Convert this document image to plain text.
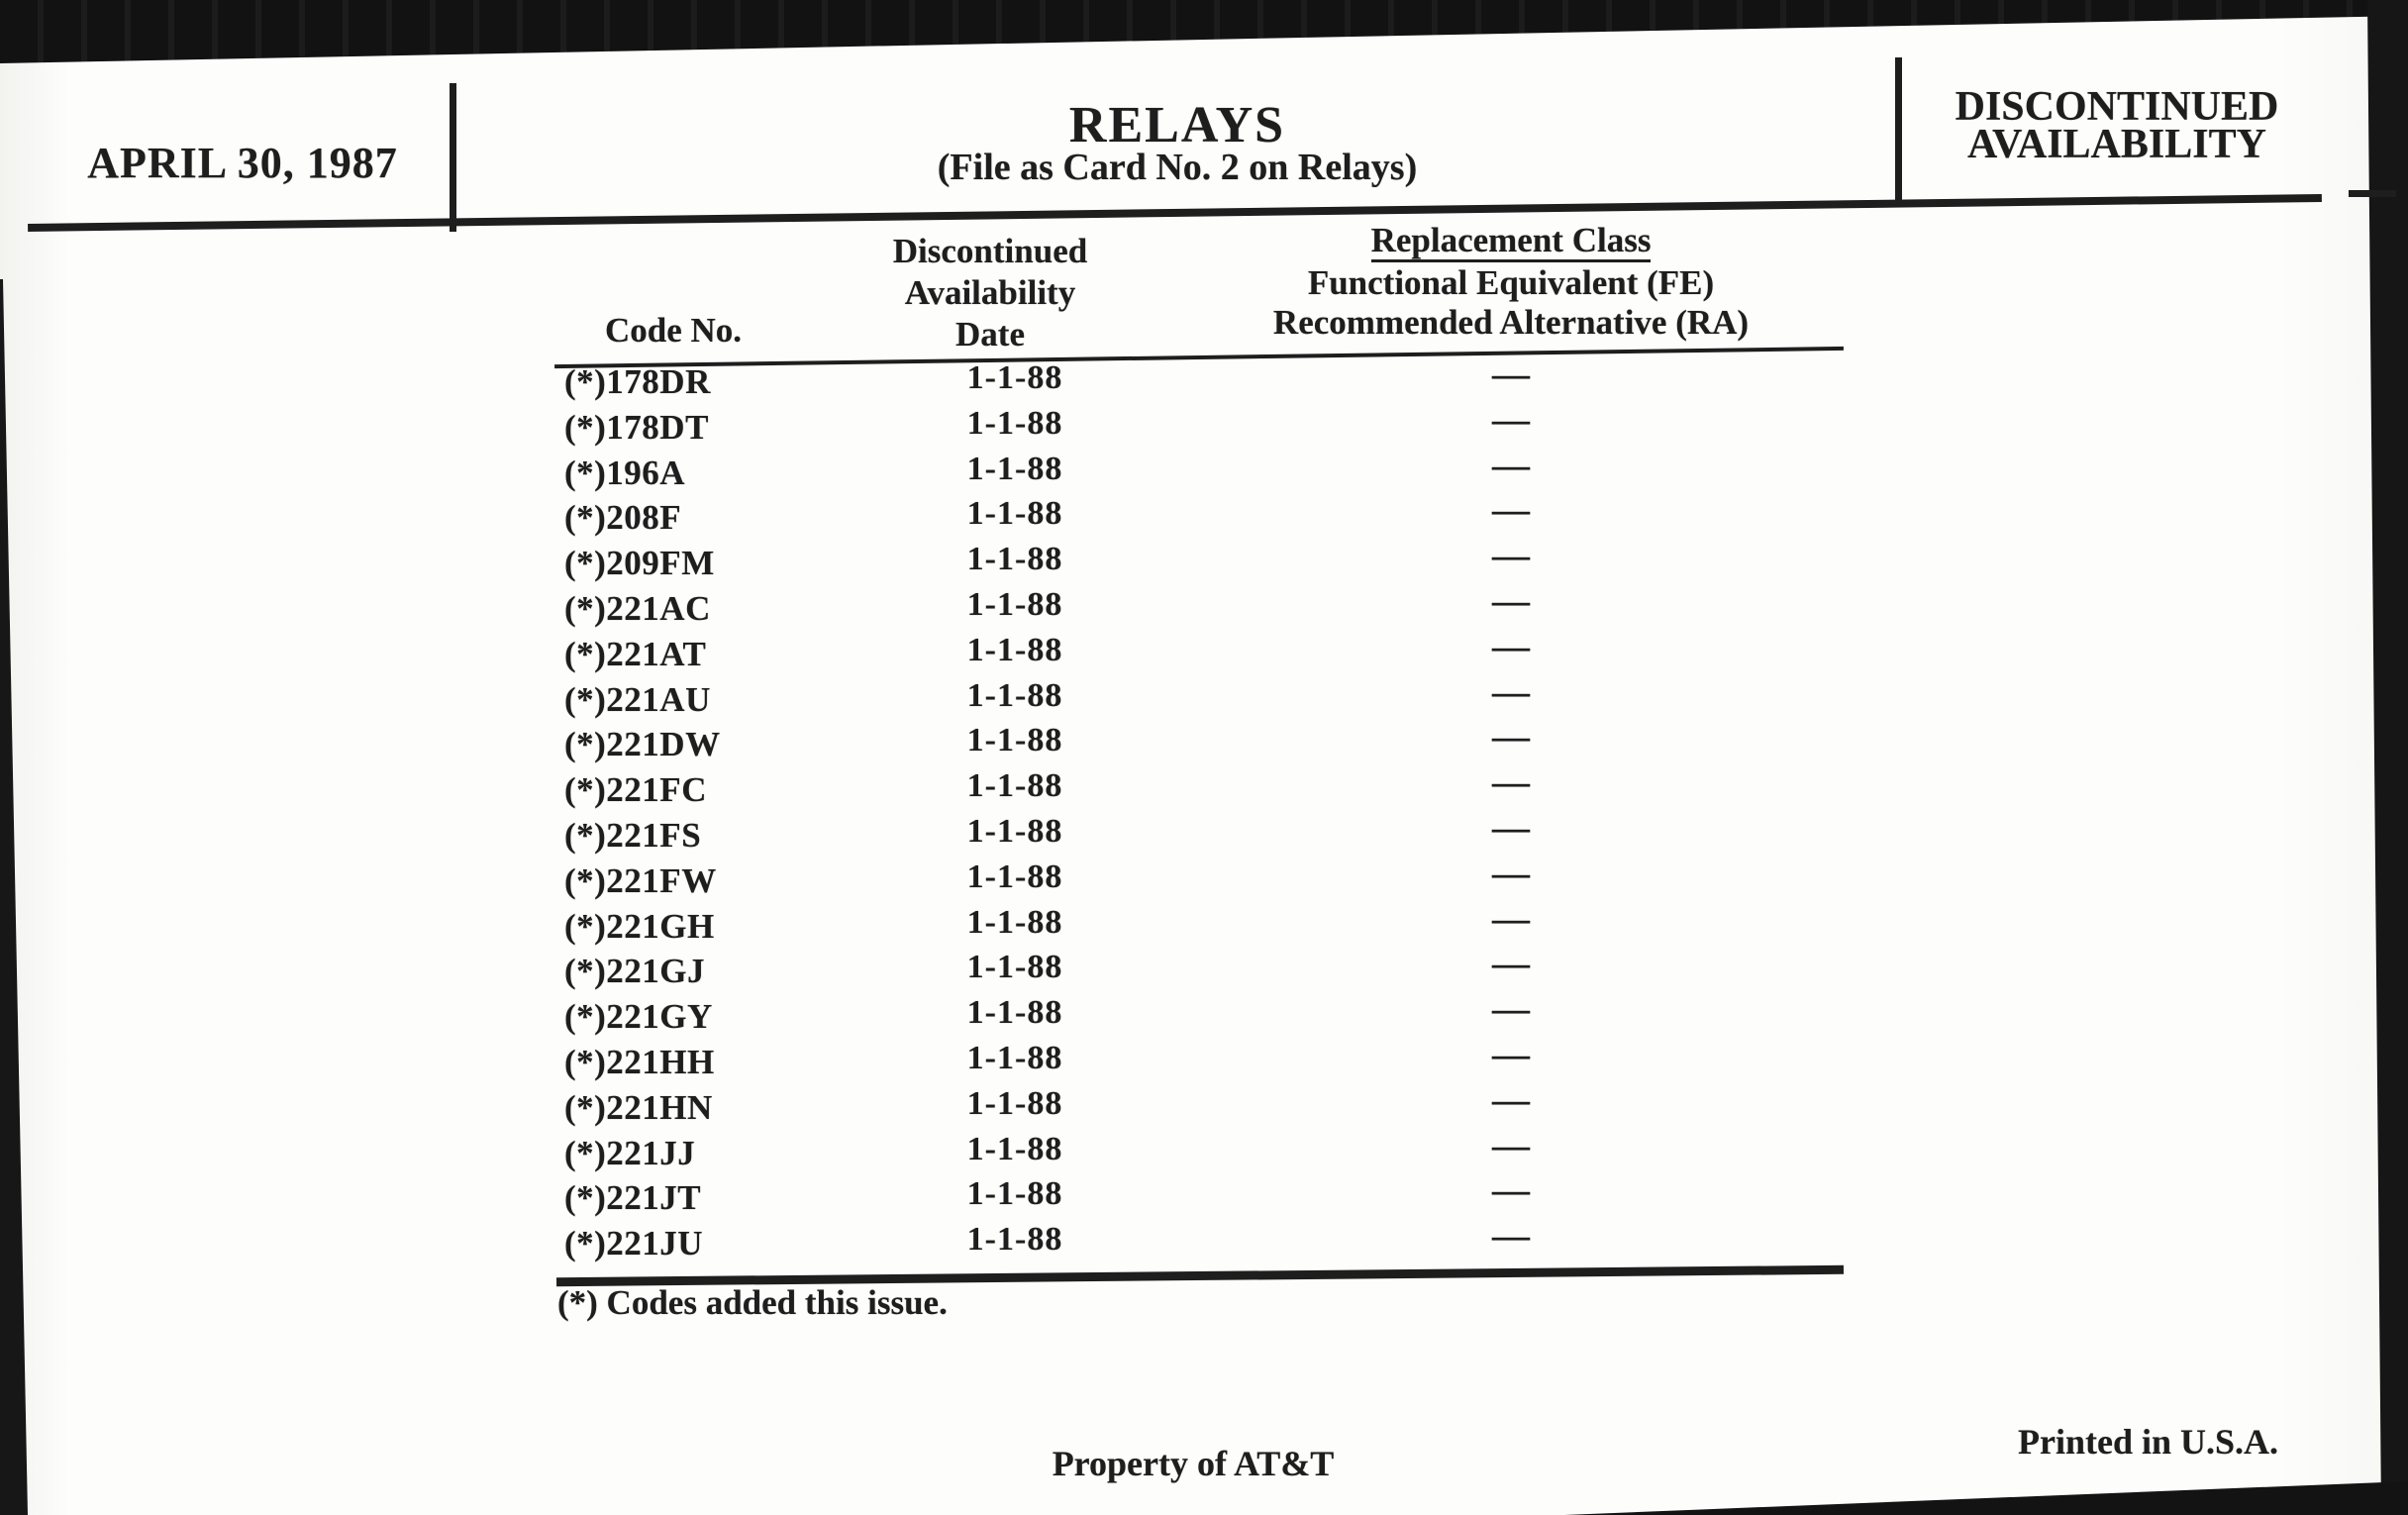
APRIL 30, 1987
RELAYS
(File as Card No. 2 on Relays)
DISCONTINUED
AVAILABILITY
Code No.
Discontinued
Availability
Date
Replacement Class
Functional Equivalent (FE)
Recommended Alternative (RA)
(*)178DR	1-1-88	—
(*)178DT	1-1-88	—
(*)196A	1-1-88	—
(*)208F	1-1-88	—
(*)209FM	1-1-88	—
(*)221AC	1-1-88	—
(*)221AT	1-1-88	—
(*)221AU	1-1-88	—
(*)221DW	1-1-88	—
(*)221FC	1-1-88	—
(*)221FS	1-1-88	—
(*)221FW	1-1-88	—
(*)221GH	1-1-88	—
(*)221GJ	1-1-88	—
(*)221GY	1-1-88	—
(*)221HH	1-1-88	—
(*)221HN	1-1-88	—
(*)221JJ	1-1-88	—
(*)221JT	1-1-88	—
(*)221JU	1-1-88	—
(*) Codes added this issue.
Property of AT&T
Printed in U.S.A.
